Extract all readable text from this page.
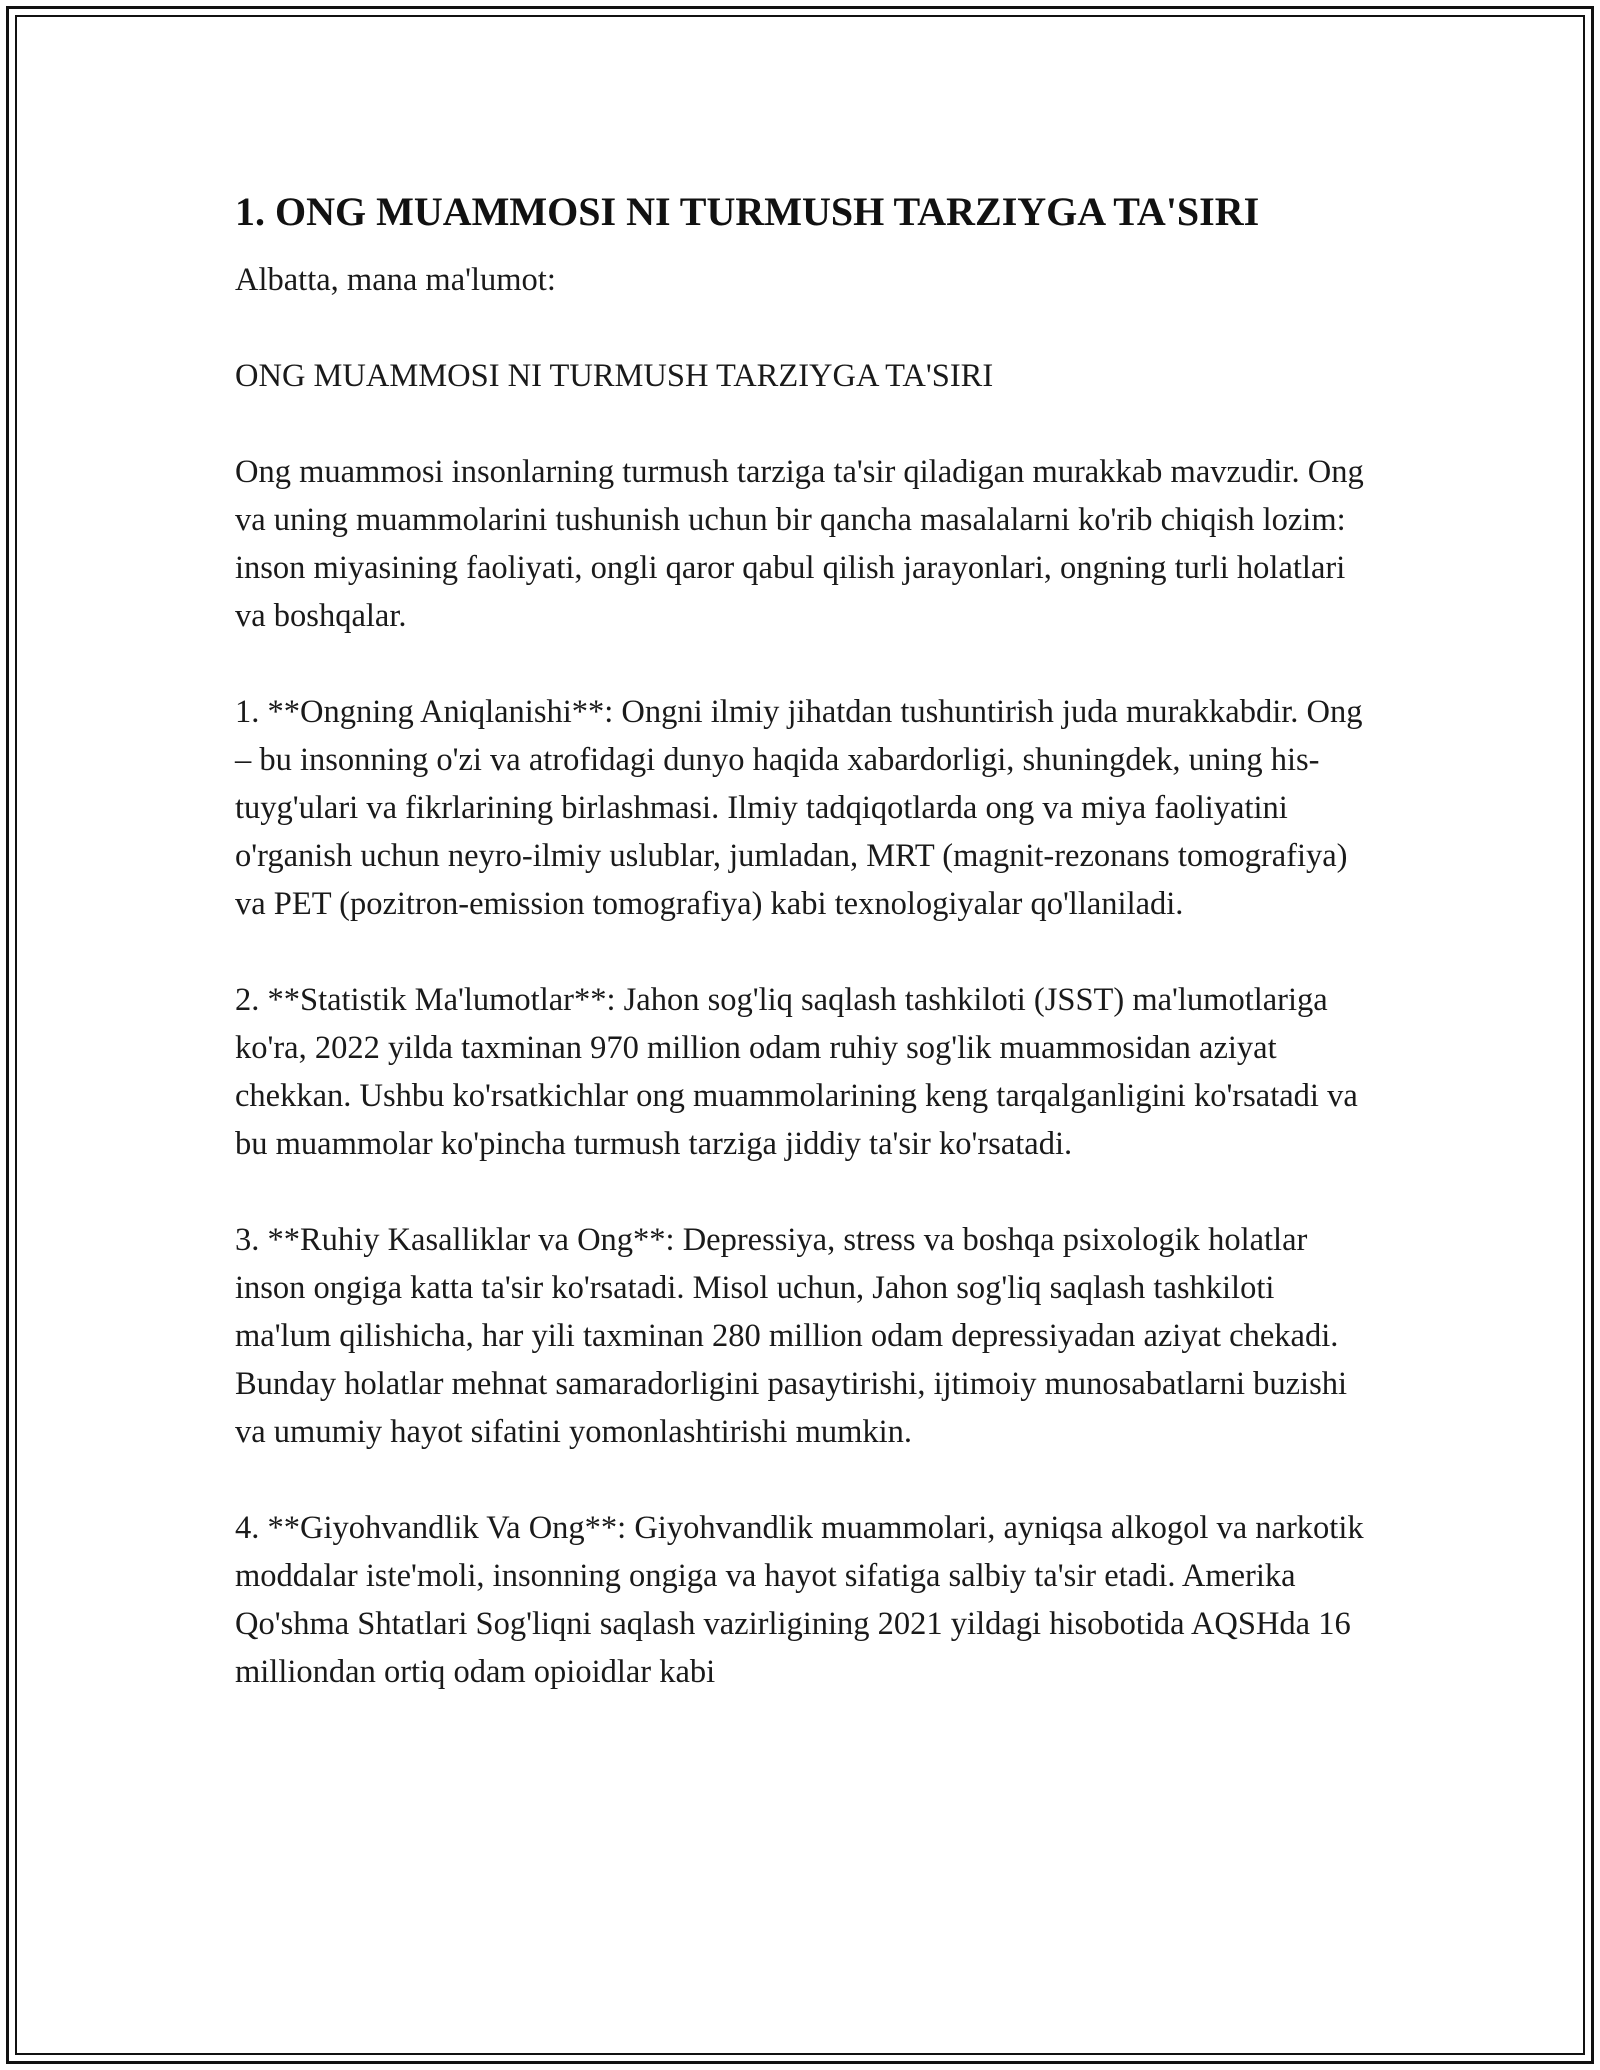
1. ONG MUAMMOSI NI TURMUSH TARZIYGA TA'SIRI

Albatta, mana ma'lumot:

ONG MUAMMOSI NI TURMUSH TARZIYGA TA'SIRI

Ong muammosi insonlarning turmush tarziga ta'sir qiladigan murakkab mavzudir. Ong va uning muammolarini tushunish uchun bir qancha masalalarni ko'rib chiqish lozim: inson miyasining faoliyati, ongli qaror qabul qilish jarayonlari, ongning turli holatlari va boshqalar.

1. **Ongning Aniqlanishi**: Ongni ilmiy jihatdan tushuntirish juda murakkabdir. Ong – bu insonning o'zi va atrofidagi dunyo haqida xabardorligi, shuningdek, uning his-tuyg'ulari va fikrlarining birlashmasi. Ilmiy tadqiqotlarda ong va miya faoliyatini o'rganish uchun neyro-ilmiy uslublar, jumladan, MRT (magnit-rezonans tomografiya) va PET (pozitron-emission tomografiya) kabi texnologiyalar qo'llaniladi.

2. **Statistik Ma'lumotlar**: Jahon sog'liq saqlash tashkiloti (JSST) ma'lumotlariga ko'ra, 2022 yilda taxminan 970 million odam ruhiy sog'lik muammosidan aziyat chekkan. Ushbu ko'rsatkichlar ong muammolarining keng tarqalganligini ko'rsatadi va bu muammolar ko'pincha turmush tarziga jiddiy ta'sir ko'rsatadi.

3. **Ruhiy Kasalliklar va Ong**: Depressiya, stress va boshqa psixologik holatlar inson ongiga katta ta'sir ko'rsatadi. Misol uchun, Jahon sog'liq saqlash tashkiloti ma'lum qilishicha, har yili taxminan 280 million odam depressiyadan aziyat chekadi. Bunday holatlar mehnat samaradorligini pasaytirishi, ijtimoiy munosabatlarni buzishi va umumiy hayot sifatini yomonlashtirishi mumkin.

4. **Giyohvandlik Va Ong**: Giyohvandlik muammolari, ayniqsa alkogol va narkotik moddalar iste'moli, insonning ongiga va hayot sifatiga salbiy ta'sir etadi. Amerika Qo'shma Shtatlari Sog'liqni saqlash vazirligining 2021 yildagi hisobotida AQSHda 16 milliondan ortiq odam opioidlar kabi
